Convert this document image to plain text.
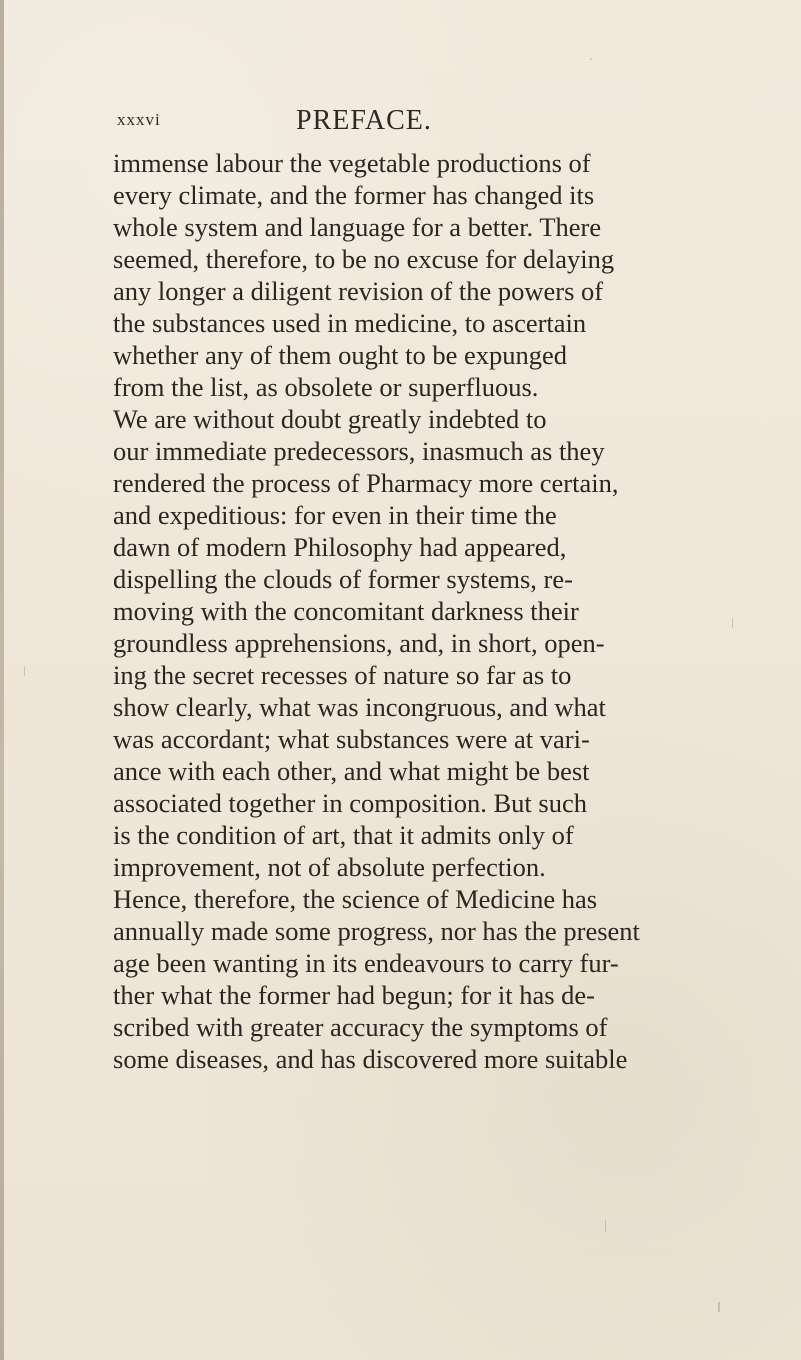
xxxvi	PREFACE.
immense labour the vegetable productions of
every climate, and the former has changed its
whole system and language for a better. There
seemed, therefore, to be no excuse for delaying
any longer a diligent revision of the powers of
the substances used in medicine, to ascertain
whether any of them ought to be expunged
from the list, as obsolete or superfluous.
We are without doubt greatly indebted to
our immediate predecessors, inasmuch as they
rendered the process of Pharmacy more certain,
and expeditious: for even in their time the
dawn of modern Philosophy had appeared,
dispelling the clouds of former systems, re-
moving with the concomitant darkness their
groundless apprehensions, and, in short, open-
ing the secret recesses of nature so far as to
show clearly, what was incongruous, and what
was accordant; what substances were at vari-
ance with each other, and what might be best
associated together in composition. But such
is the condition of art, that it admits only of
improvement, not of absolute perfection.
Hence, therefore, the science of Medicine has
annually made some progress, nor has the present
age been wanting in its endeavours to carry fur-
ther what the former had begun; for it has de-
scribed with greater accuracy the symptoms of
some diseases, and has discovered more suitable
